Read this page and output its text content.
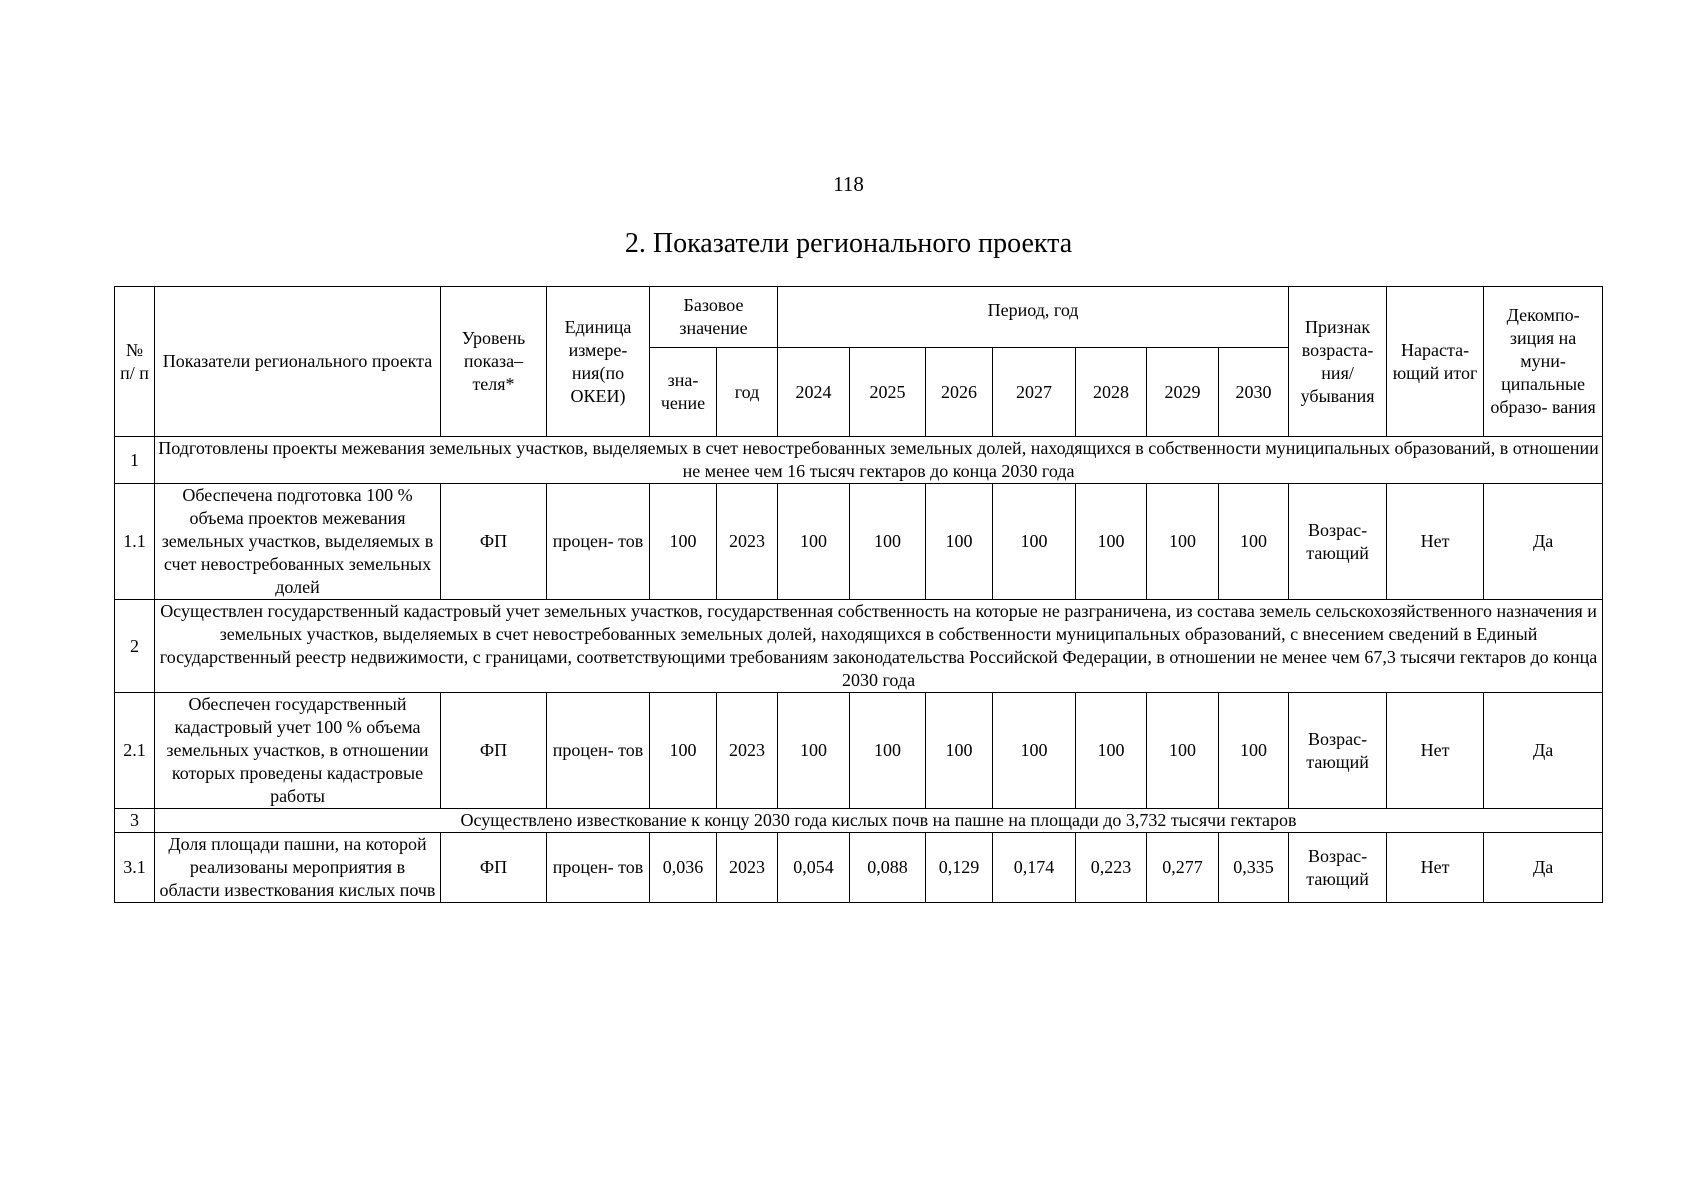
118
2. Показатели регионального проекта
№ п/ п	Показатели регионального проекта	Уровень показа– теля*	Единица измере- ния(по ОКЕИ)	Базовое значение		Период, год							Признак возраста- ния/ убывания	Нараста- ющий итог	Декомпо- зиция на муни- ципальные образо- вания
				зна- чение	год	2024	2025	2026	2027	2028	2029	2030			
1	Подготовлены проекты межевания земельных участков, выделяемых в счет невостребованных земельных долей, находящихся в собственности муниципальных образований, в отношении не менее чем 16 тысяч гектаров до конца 2030 года														
1.1	Обеспечена подготовка 100 % объема проектов межевания земельных участков, выделяемых в счет невостребованных земельных долей	ФП	процен- тов	100	2023	100	100	100	100	100	100	100	Возрас- тающий	Нет	Да
2	Осуществлен государственный кадастровый учет земельных участков, государственная собственность на которые не разграничена, из состава земель сельскохозяйственного назначения и земельных участков, выделяемых в счет невостребованных земельных долей, находящихся в собственности муниципальных образований, с внесением сведений в Единый государственный реестр недвижимости, с границами, соответствующими требованиям законодательства Российской Федерации, в отношении не менее чем 67,3 тысячи гектаров до конца 2030 года														
2.1	Обеспечен государственный кадастровый учет 100 % объема земельных участков, в отношении которых проведены кадастровые работы	ФП	процен- тов	100	2023	100	100	100	100	100	100	100	Возрас- тающий	Нет	Да
3	Осуществлено известкование к концу 2030 года кислых почв на пашне на площади до 3,732 тысячи гектаров														
3.1	Доля площади пашни, на которой реализованы мероприятия в области известкования кислых почв	ФП	процен- тов	0,036	2023	0,054	0,088	0,129	0,174	0,223	0,277	0,335	Возрас- тающий	Нет	Да
